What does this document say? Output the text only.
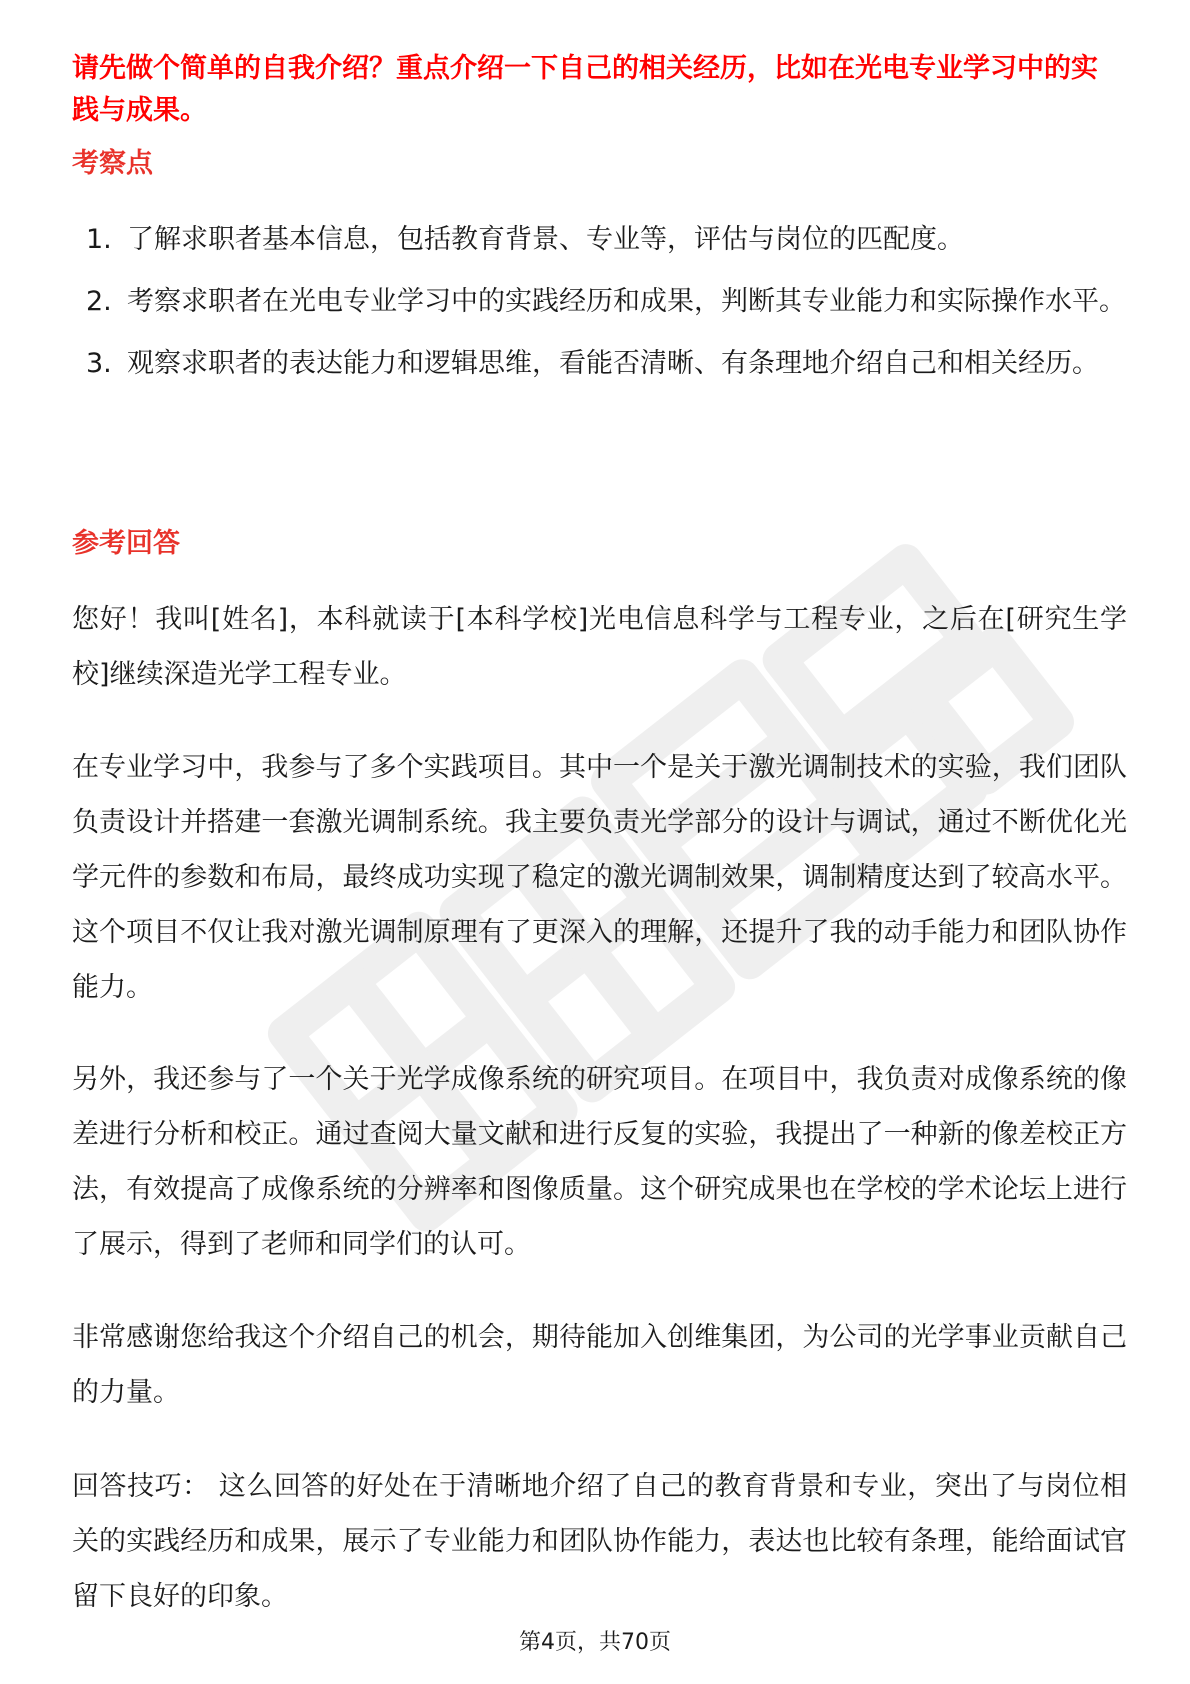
请先做个简单的自我介绍？重点介绍一下自己的相关经历，比如在光电专业学习中的实践与成果。

考察点
1. 了解求职者基本信息，包括教育背景、专业等，评估与岗位的匹配度。
2. 考察求职者在光电专业学习中的实践经历和成果，判断其专业能力和实际操作水平。
3. 观察求职者的表达能力和逻辑思维，看能否清晰、有条理地介绍自己和相关经历。
参考回答

您好！我叫[姓名]，本科就读于[本科学校]光电信息科学与工程专业，之后在[研究生学校]继续深造光学工程专业。

在专业学习中，我参与了多个实践项目。其中一个是关于激光调制技术的实验，我们团队负责设计并搭建一套激光调制系统。我主要负责光学部分的设计与调试，通过不断优化光学元件的参数和布局，最终成功实现了稳定的激光调制效果，调制精度达到了较高水平。这个项目不仅让我对激光调制原理有了更深入的理解，还提升了我的动手能力和团队协作能力。

另外，我还参与了一个关于光学成像系统的研究项目。在项目中，我负责对成像系统的像差进行分析和校正。通过查阅大量文献和进行反复的实验，我提出了一种新的像差校正方法，有效提高了成像系统的分辨率和图像质量。这个研究成果也在学校的学术论坛上进行了展示，得到了老师和同学们的认可。

非常感谢您给我这个介绍自己的机会，期待能加入创维集团，为公司的光学事业贡献自己的力量。

回答技巧： 这么回答的好处在于清晰地介绍了自己的教育背景和专业，突出了与岗位相关的实践经历和成果，展示了专业能力和团队协作能力，表达也比较有条理，能给面试官留下良好的印象。

第4页，共70页
